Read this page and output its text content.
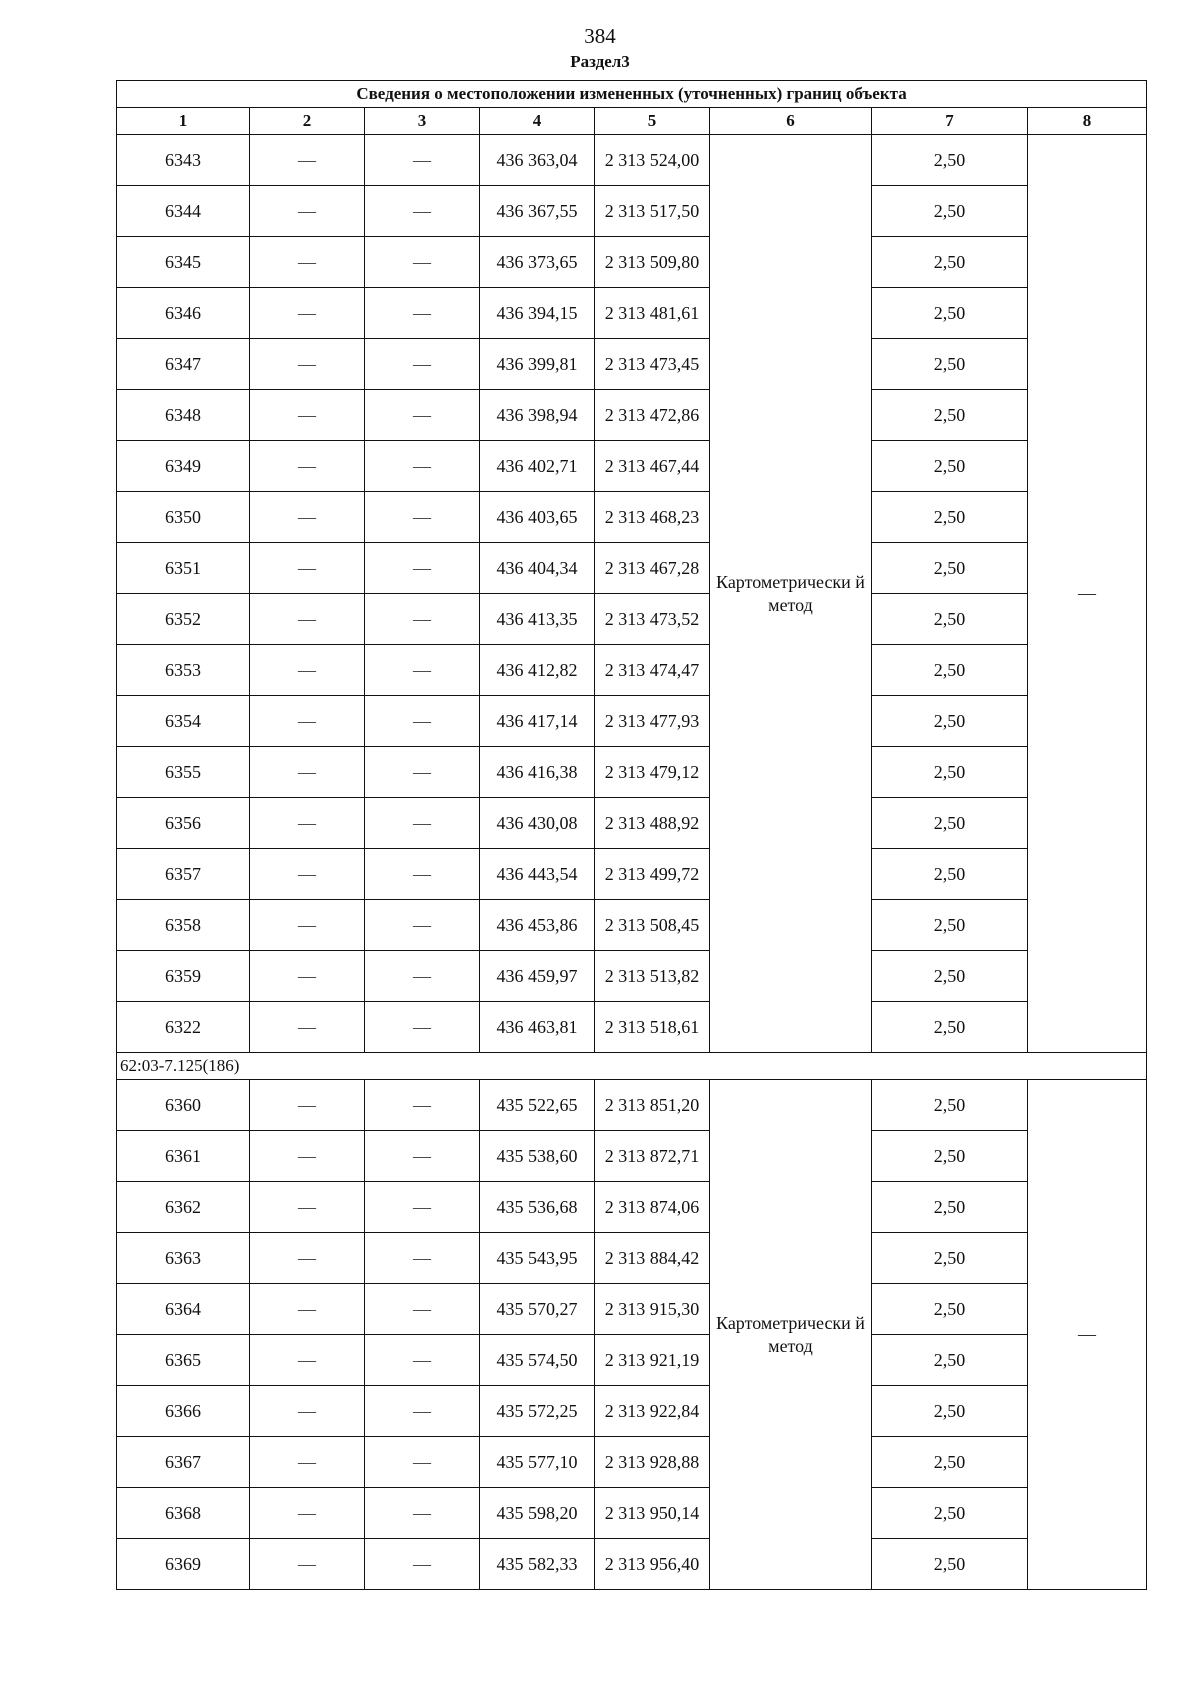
384
Раздел3
Сведения о местоположении измененных (уточненных) границ объекта							
1	2	3	4	5	6	7	8
6343	—	—	436 363,04	2 313 524,00	Картометрически й метод	2,50	—
6344	—	—	436 367,55	2 313 517,50		2,50	
6345	—	—	436 373,65	2 313 509,80		2,50	
6346	—	—	436 394,15	2 313 481,61		2,50	
6347	—	—	436 399,81	2 313 473,45		2,50	
6348	—	—	436 398,94	2 313 472,86		2,50	
6349	—	—	436 402,71	2 313 467,44		2,50	
6350	—	—	436 403,65	2 313 468,23		2,50	
6351	—	—	436 404,34	2 313 467,28		2,50	
6352	—	—	436 413,35	2 313 473,52		2,50	
6353	—	—	436 412,82	2 313 474,47		2,50	
6354	—	—	436 417,14	2 313 477,93		2,50	
6355	—	—	436 416,38	2 313 479,12		2,50	
6356	—	—	436 430,08	2 313 488,92		2,50	
6357	—	—	436 443,54	2 313 499,72		2,50	
6358	—	—	436 453,86	2 313 508,45		2,50	
6359	—	—	436 459,97	2 313 513,82		2,50	
6322	—	—	436 463,81	2 313 518,61		2,50	
62:03-7.125(186)							
6360	—	—	435 522,65	2 313 851,20	Картометрически й метод	2,50	—
6361	—	—	435 538,60	2 313 872,71		2,50	
6362	—	—	435 536,68	2 313 874,06		2,50	
6363	—	—	435 543,95	2 313 884,42		2,50	
6364	—	—	435 570,27	2 313 915,30		2,50	
6365	—	—	435 574,50	2 313 921,19		2,50	
6366	—	—	435 572,25	2 313 922,84		2,50	
6367	—	—	435 577,10	2 313 928,88		2,50	
6368	—	—	435 598,20	2 313 950,14		2,50	
6369	—	—	435 582,33	2 313 956,40		2,50	
